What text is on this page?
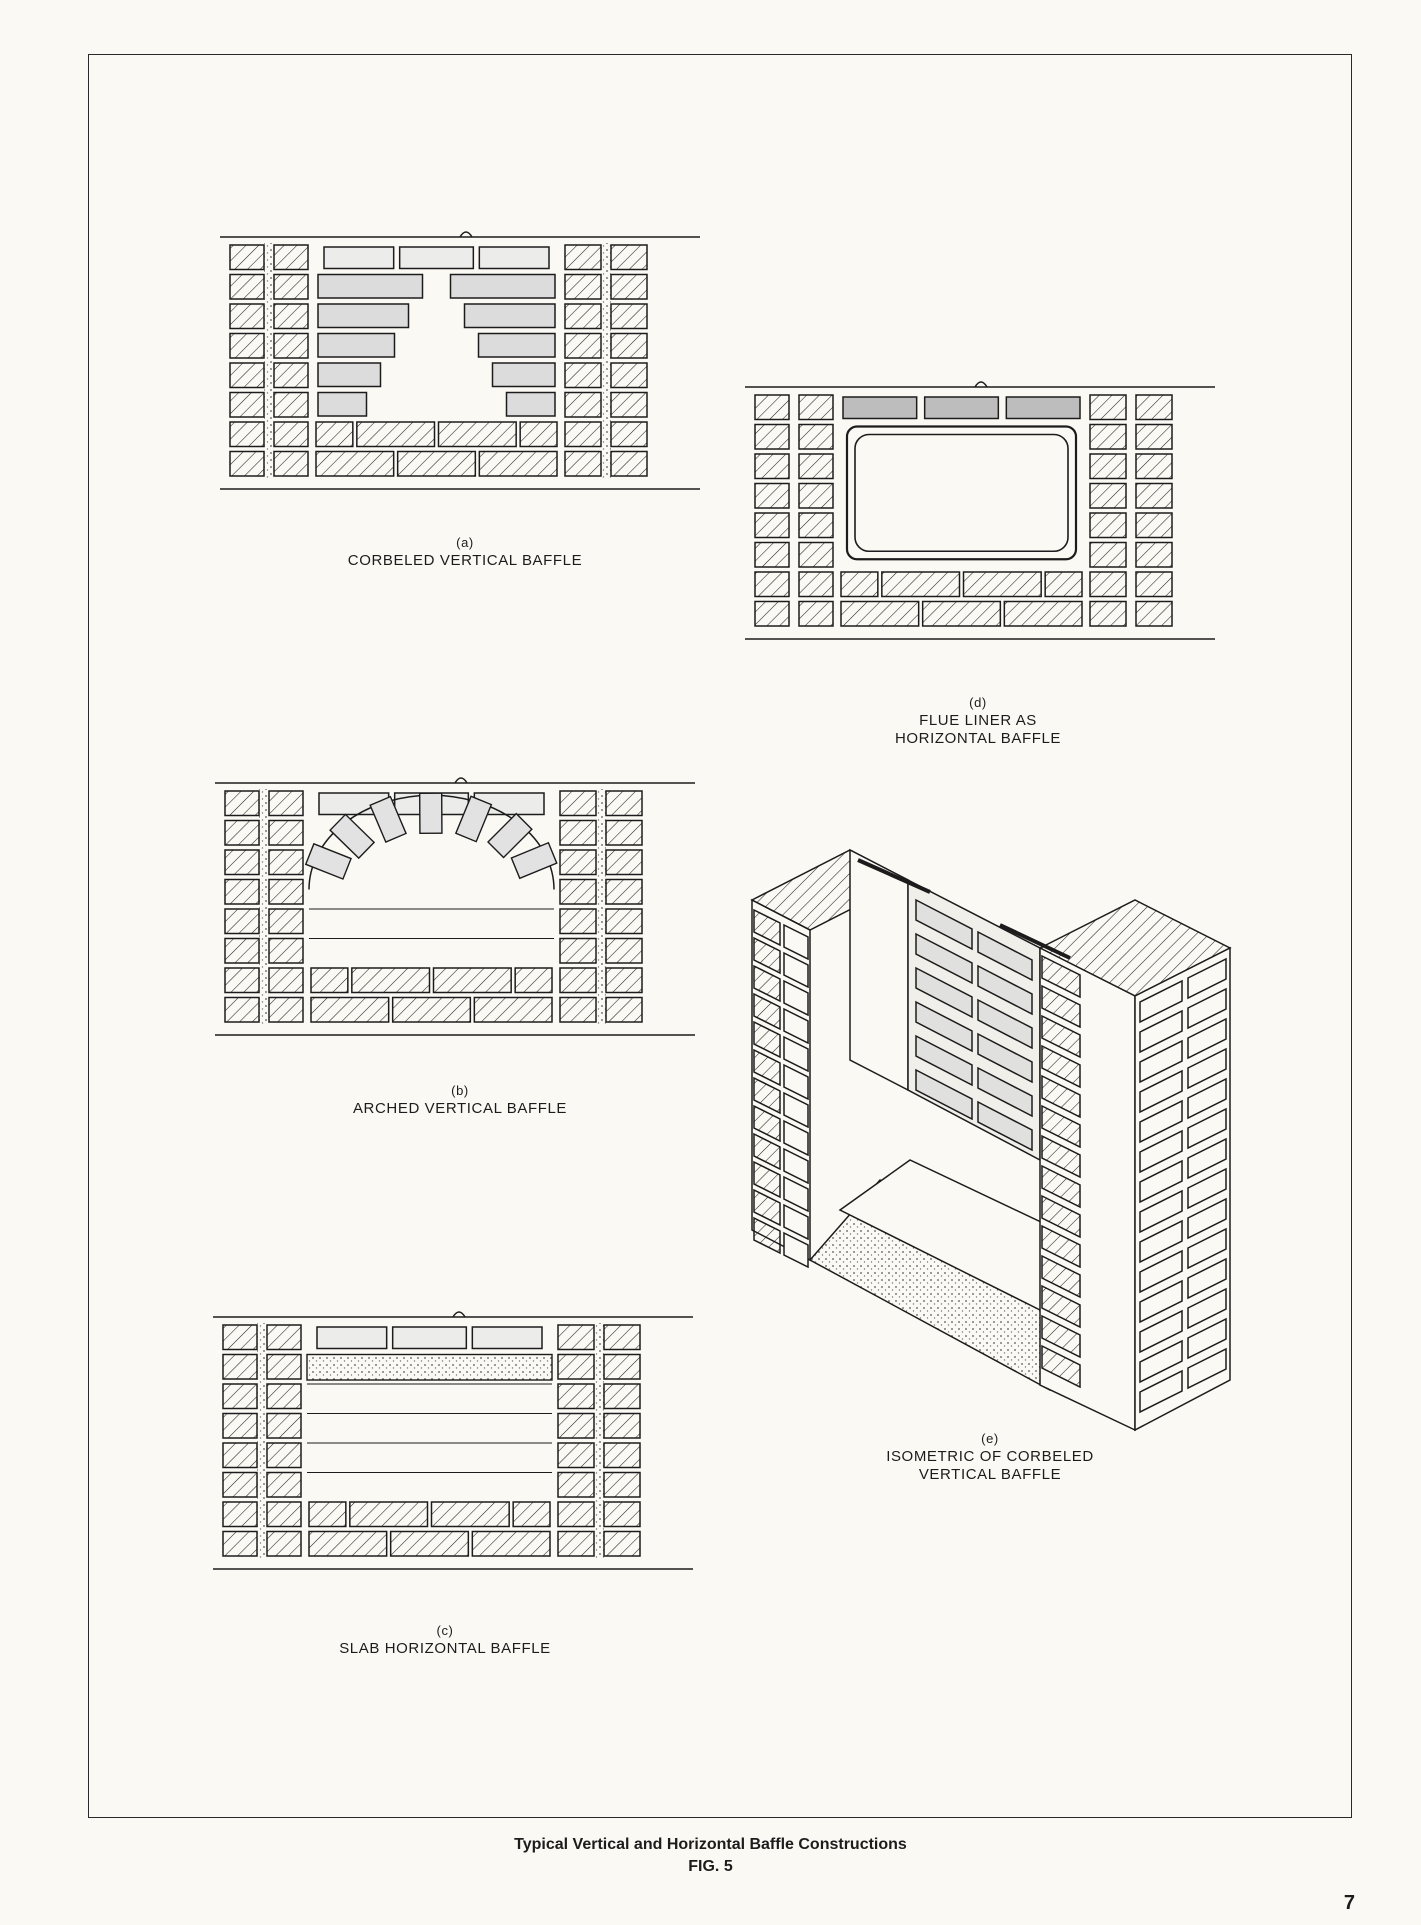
(a)
CORBELED VERTICAL BAFFLE
(b)
ARCHED VERTICAL BAFFLE
(c)
SLAB HORIZONTAL BAFFLE
(d)
FLUE LINER AS
HORIZONTAL BAFFLE
(e)
ISOMETRIC OF CORBELED
VERTICAL BAFFLE
Typical Vertical and Horizontal Baffle Constructions
FIG. 5
7
